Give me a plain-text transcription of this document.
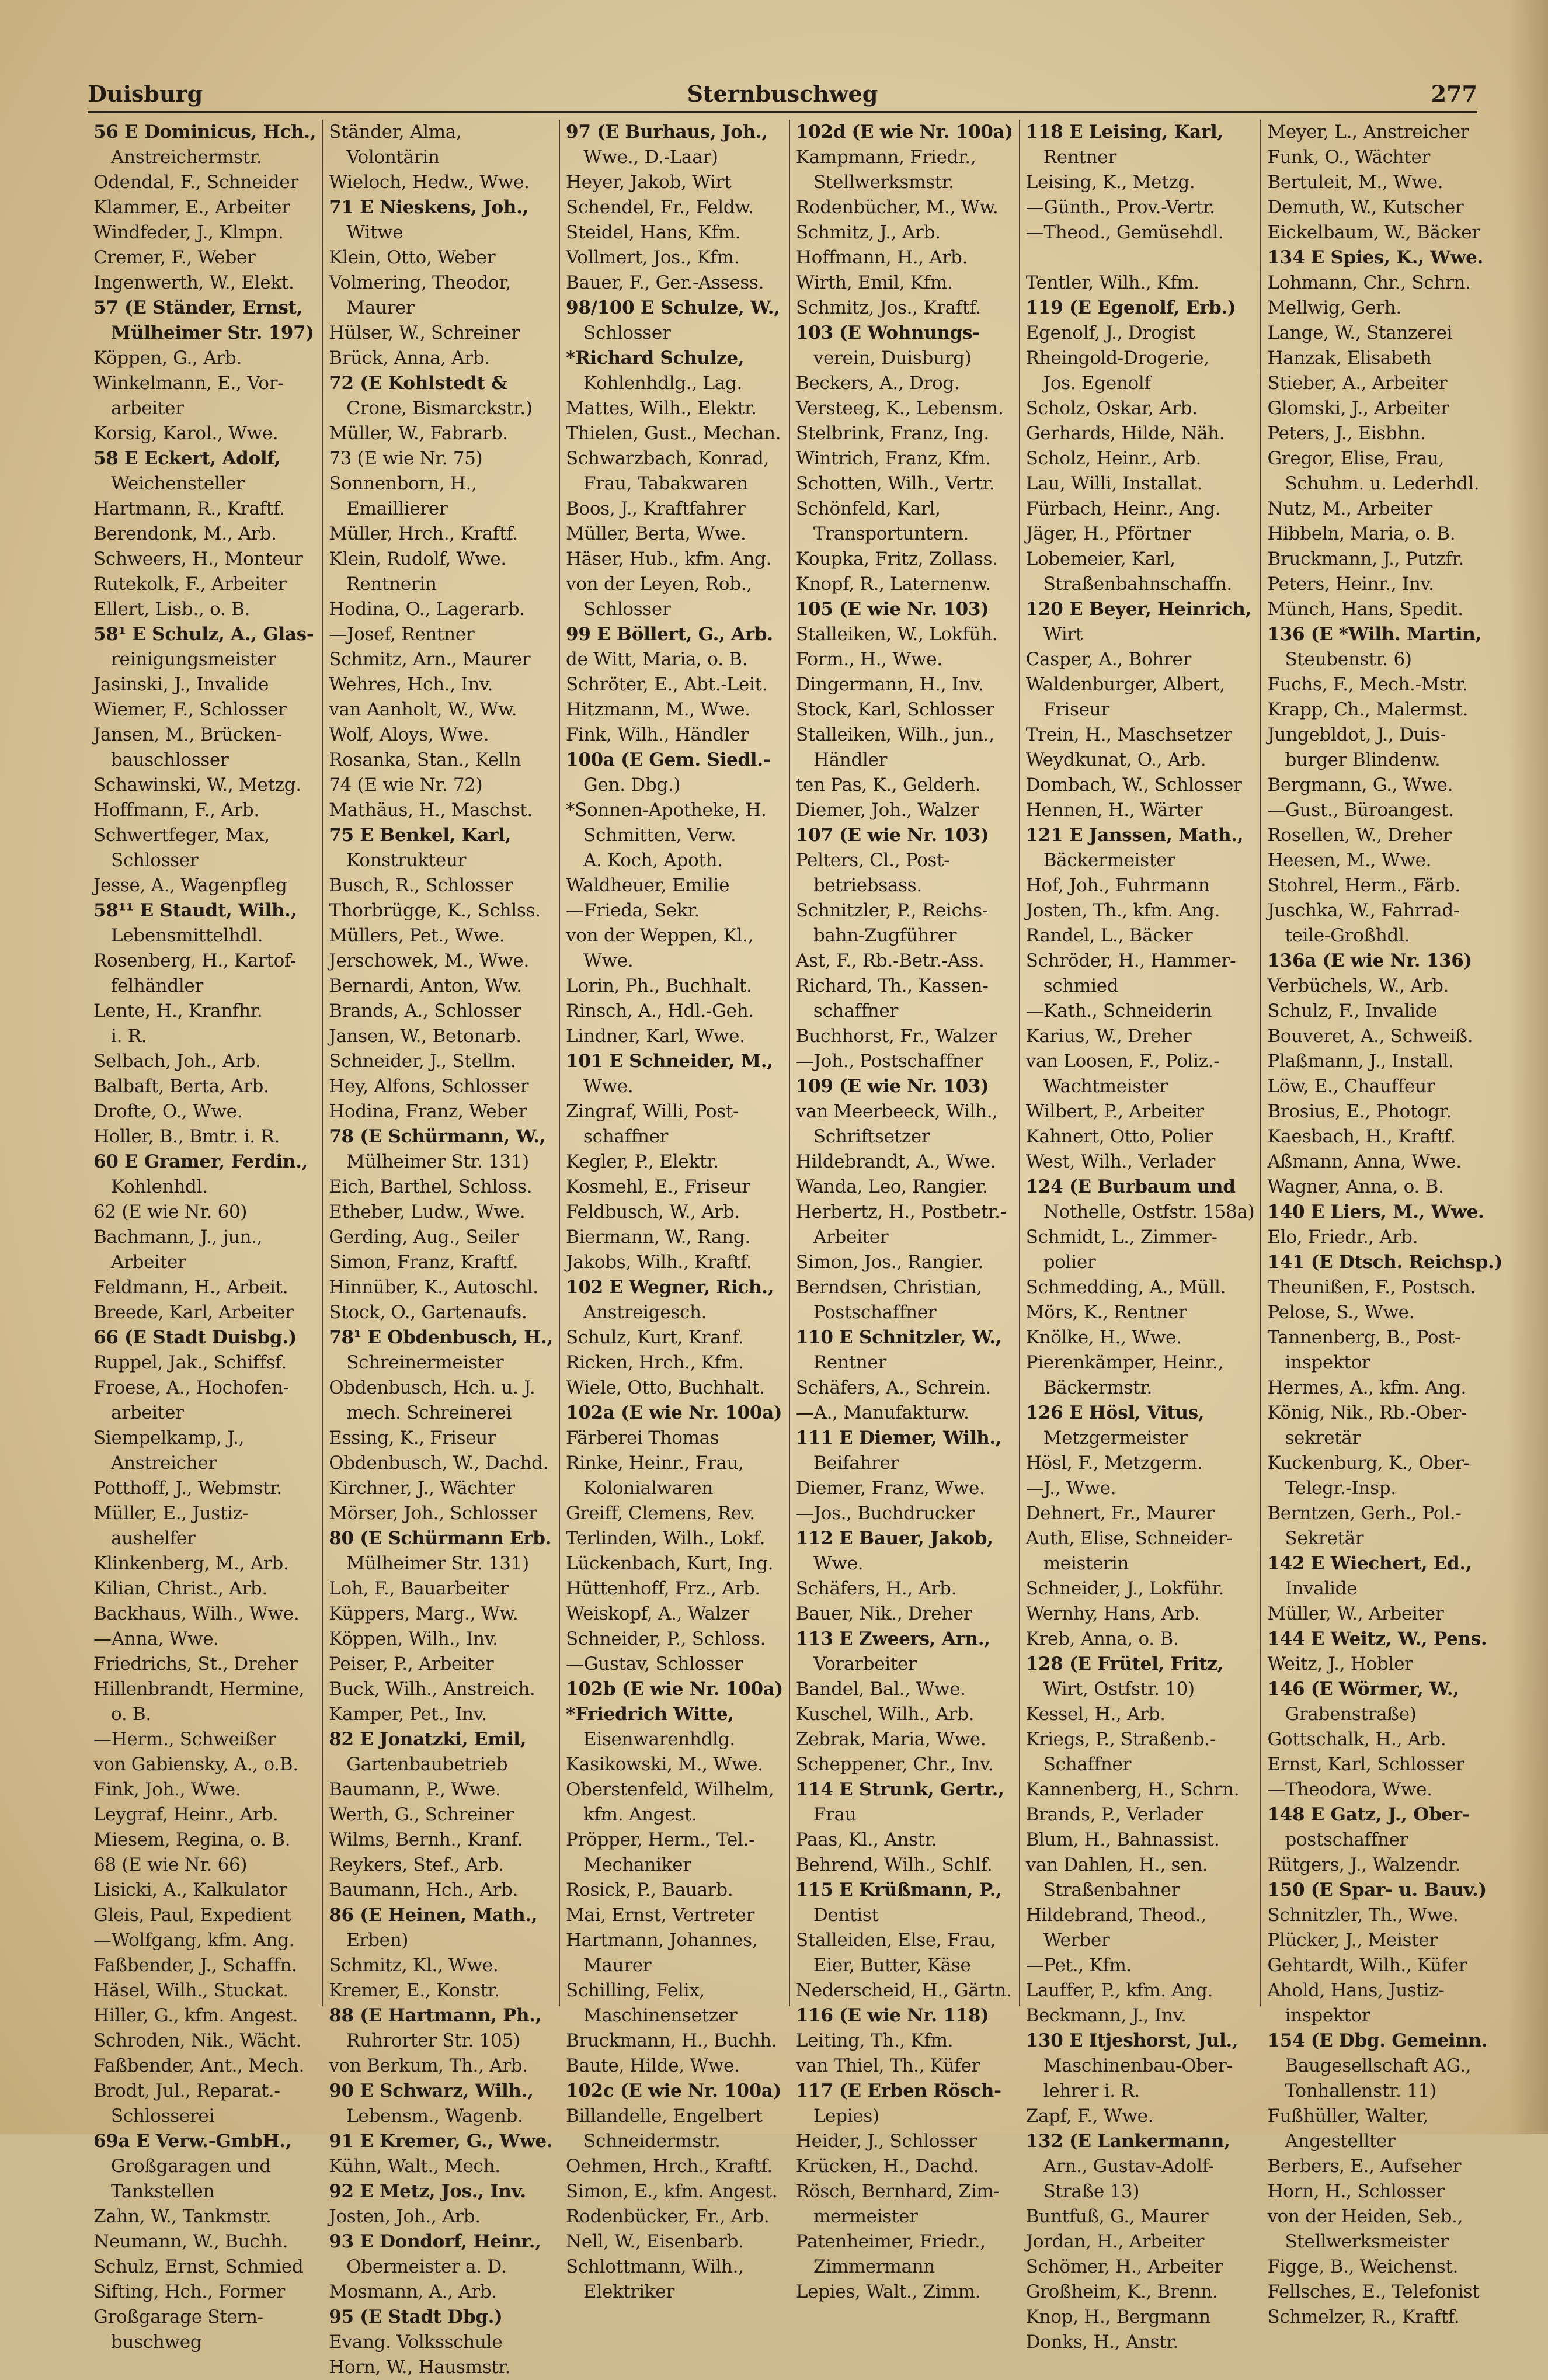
Duisburg	Sternbuschweg	277
56 E Dominicus, Hch.,
Anstreichermstr.
Odendal, F., Schneider
Klammer, E., Arbeiter
Windfeder, J., Klmpn.
Cremer, F., Weber
Ingenwerth, W., Elekt.
57 (E Ständer, Ernst,
Mülheimer Str. 197)
Köppen, G., Arb.
Winkelmann, E., Vor-
arbeiter
Korsig, Karol., Wwe.
58 E Eckert, Adolf,
Weichensteller
Hartmann, R., Kraftf.
Berendonk, M., Arb.
Schweers, H., Monteur
Rutekolk, F., Arbeiter
Ellert, Lisb., o. B.
58¹ E Schulz, A., Glas-
reinigungsmeister
Jasinski, J., Invalide
Wiemer, F., Schlosser
Jansen, M., Brücken-
bauschlosser
Schawinski, W., Metzg.
Hoffmann, F., Arb.
Schwertfeger, Max,
Schlosser
Jesse, A., Wagenpfleg
58¹¹ E Staudt, Wilh.,
Lebensmittelhdl.
Rosenberg, H., Kartof-
felhändler
Lente, H., Kranfhr.
i. R.
Selbach, Joh., Arb.
Balbaft, Berta, Arb.
Drofte, O., Wwe.
Holler, B., Bmtr. i. R.
60 E Gramer, Ferdin.,
Kohlenhdl.
62 (E wie Nr. 60)
Bachmann, J., jun.,
Arbeiter
Feldmann, H., Arbeit.
Breede, Karl, Arbeiter
66 (E Stadt Duisbg.)
Ruppel, Jak., Schiffsf.
Froese, A., Hochofen-
arbeiter
Siempelkamp, J.,
Anstreicher
Potthoff, J., Webmstr.
Müller, E., Justiz-
aushelfer
Klinkenberg, M., Arb.
Kilian, Christ., Arb.
Backhaus, Wilh., Wwe.
—Anna, Wwe.
Friedrichs, St., Dreher
Hillenbrandt, Hermine,
o. B.
—Herm., Schweißer
von Gabiensky, A., o.B.
Fink, Joh., Wwe.
Leygraf, Heinr., Arb.
Miesem, Regina, o. B.
68 (E wie Nr. 66)
Lisicki, A., Kalkulator
Gleis, Paul, Expedient
—Wolfgang, kfm. Ang.
Faßbender, J., Schaffn.
Häsel, Wilh., Stuckat.
Hiller, G., kfm. Angest.
Schroden, Nik., Wächt.
Faßbender, Ant., Mech.
Brodt, Jul., Reparat.-
Schlosserei
69a E Verw.-GmbH.,
Großgaragen und
Tankstellen
Zahn, W., Tankmstr.
Neumann, W., Buchh.
Schulz, Ernst, Schmied
Sifting, Hch., Former
Großgarage Stern-
buschweg
Ständer, Alma,
Volontärin
Wieloch, Hedw., Wwe.
71 E Nieskens, Joh.,
Witwe
Klein, Otto, Weber
Volmering, Theodor,
Maurer
Hülser, W., Schreiner
Brück, Anna, Arb.
72 (E Kohlstedt &
Crone, Bismarckstr.)
Müller, W., Fabrarb.
73 (E wie Nr. 75)
Sonnenborn, H.,
Emaillierer
Müller, Hrch., Kraftf.
Klein, Rudolf, Wwe.
Rentnerin
Hodina, O., Lagerarb.
—Josef, Rentner
Schmitz, Arn., Maurer
Wehres, Hch., Inv.
van Aanholt, W., Ww.
Wolf, Aloys, Wwe.
Rosanka, Stan., Kelln
74 (E wie Nr. 72)
Mathäus, H., Maschst.
75 E Benkel, Karl,
Konstrukteur
Busch, R., Schlosser
Thorbrügge, K., Schlss.
Müllers, Pet., Wwe.
Jerschowek, M., Wwe.
Bernardi, Anton, Ww.
Brands, A., Schlosser
Jansen, W., Betonarb.
Schneider, J., Stellm.
Hey, Alfons, Schlosser
Hodina, Franz, Weber
78 (E Schürmann, W.,
Mülheimer Str. 131)
Eich, Barthel, Schloss.
Etheber, Ludw., Wwe.
Gerding, Aug., Seiler
Simon, Franz, Kraftf.
Hinnüber, K., Autoschl.
Stock, O., Gartenaufs.
78¹ E Obdenbusch, H.,
Schreinermeister
Obdenbusch, Hch. u. J.
mech. Schreinerei
Essing, K., Friseur
Obdenbusch, W., Dachd.
Kirchner, J., Wächter
Mörser, Joh., Schlosser
80 (E Schürmann Erb.
Mülheimer Str. 131)
Loh, F., Bauarbeiter
Küppers, Marg., Ww.
Köppen, Wilh., Inv.
Peiser, P., Arbeiter
Buck, Wilh., Anstreich.
Kamper, Pet., Inv.
82 E Jonatzki, Emil,
Gartenbaubetrieb
Baumann, P., Wwe.
Werth, G., Schreiner
Wilms, Bernh., Kranf.
Reykers, Stef., Arb.
Baumann, Hch., Arb.
86 (E Heinen, Math.,
Erben)
Schmitz, Kl., Wwe.
Kremer, E., Konstr.
88 (E Hartmann, Ph.,
Ruhrorter Str. 105)
von Berkum, Th., Arb.
90 E Schwarz, Wilh.,
Lebensm., Wagenb.
91 E Kremer, G., Wwe.
Kühn, Walt., Mech.
92 E Metz, Jos., Inv.
Josten, Joh., Arb.
93 E Dondorf, Heinr.,
Obermeister a. D.
Mosmann, A., Arb.
95 (E Stadt Dbg.)
Evang. Volksschule
Horn, W., Hausmstr.
97 (E Burhaus, Joh.,
Wwe., D.-Laar)
Heyer, Jakob, Wirt
Schendel, Fr., Feldw.
Steidel, Hans, Kfm.
Vollmert, Jos., Kfm.
Bauer, F., Ger.-Assess.
98/100 E Schulze, W.,
Schlosser
*Richard Schulze,
Kohlenhdlg., Lag.
Mattes, Wilh., Elektr.
Thielen, Gust., Mechan.
Schwarzbach, Konrad,
Frau, Tabakwaren
Boos, J., Kraftfahrer
Müller, Berta, Wwe.
Häser, Hub., kfm. Ang.
von der Leyen, Rob.,
Schlosser
99 E Böllert, G., Arb.
de Witt, Maria, o. B.
Schröter, E., Abt.-Leit.
Hitzmann, M., Wwe.
Fink, Wilh., Händler
100a (E Gem. Siedl.-
Gen. Dbg.)
*Sonnen-Apotheke, H.
Schmitten, Verw.
A. Koch, Apoth.
Waldheuer, Emilie
—Frieda, Sekr.
von der Weppen, Kl.,
Wwe.
Lorin, Ph., Buchhalt.
Rinsch, A., Hdl.-Geh.
Lindner, Karl, Wwe.
101 E Schneider, M.,
Wwe.
Zingraf, Willi, Post-
schaffner
Kegler, P., Elektr.
Kosmehl, E., Friseur
Feldbusch, W., Arb.
Biermann, W., Rang.
Jakobs, Wilh., Kraftf.
102 E Wegner, Rich.,
Anstreigesch.
Schulz, Kurt, Kranf.
Ricken, Hrch., Kfm.
Wiele, Otto, Buchhalt.
102a (E wie Nr. 100a)
Färberei Thomas
Rinke, Heinr., Frau,
Kolonialwaren
Greiff, Clemens, Rev.
Terlinden, Wilh., Lokf.
Lückenbach, Kurt, Ing.
Hüttenhoff, Frz., Arb.
Weiskopf, A., Walzer
Schneider, P., Schloss.
—Gustav, Schlosser
102b (E wie Nr. 100a)
*Friedrich Witte,
Eisenwarenhdlg.
Kasikowski, M., Wwe.
Oberstenfeld, Wilhelm,
kfm. Angest.
Pröpper, Herm., Tel.-
Mechaniker
Rosick, P., Bauarb.
Mai, Ernst, Vertreter
Hartmann, Johannes,
Maurer
Schilling, Felix,
Maschinensetzer
Bruckmann, H., Buchh.
Baute, Hilde, Wwe.
102c (E wie Nr. 100a)
Billandelle, Engelbert
Schneidermstr.
Oehmen, Hrch., Kraftf.
Simon, E., kfm. Angest.
Rodenbücker, Fr., Arb.
Nell, W., Eisenbarb.
Schlottmann, Wilh.,
Elektriker
102d (E wie Nr. 100a)
Kampmann, Friedr.,
Stellwerksmstr.
Rodenbücher, M., Ww.
Schmitz, J., Arb.
Hoffmann, H., Arb.
Wirth, Emil, Kfm.
Schmitz, Jos., Kraftf.
103 (E Wohnungs-
verein, Duisburg)
Beckers, A., Drog.
Versteeg, K., Lebensm.
Stelbrink, Franz, Ing.
Wintrich, Franz, Kfm.
Schotten, Wilh., Vertr.
Schönfeld, Karl,
Transportuntern.
Koupka, Fritz, Zollass.
Knopf, R., Laternenw.
105 (E wie Nr. 103)
Stalleiken, W., Lokfüh.
Form., H., Wwe.
Dingermann, H., Inv.
Stock, Karl, Schlosser
Stalleiken, Wilh., jun.,
Händler
ten Pas, K., Gelderh.
Diemer, Joh., Walzer
107 (E wie Nr. 103)
Pelters, Cl., Post-
betriebsass.
Schnitzler, P., Reichs-
bahn-Zugführer
Ast, F., Rb.-Betr.-Ass.
Richard, Th., Kassen-
schaffner
Buchhorst, Fr., Walzer
—Joh., Postschaffner
109 (E wie Nr. 103)
van Meerbeeck, Wilh.,
Schriftsetzer
Hildebrandt, A., Wwe.
Wanda, Leo, Rangier.
Herbertz, H., Postbetr.-
Arbeiter
Simon, Jos., Rangier.
Berndsen, Christian,
Postschaffner
110 E Schnitzler, W.,
Rentner
Schäfers, A., Schrein.
—A., Manufakturw.
111 E Diemer, Wilh.,
Beifahrer
Diemer, Franz, Wwe.
—Jos., Buchdrucker
112 E Bauer, Jakob,
Wwe.
Schäfers, H., Arb.
Bauer, Nik., Dreher
113 E Zweers, Arn.,
Vorarbeiter
Bandel, Bal., Wwe.
Kuschel, Wilh., Arb.
Zebrak, Maria, Wwe.
Scheppener, Chr., Inv.
114 E Strunk, Gertr.,
Frau
Paas, Kl., Anstr.
Behrend, Wilh., Schlf.
115 E Krüßmann, P.,
Dentist
Stalleiden, Else, Frau,
Eier, Butter, Käse
Nederscheid, H., Gärtn.
116 (E wie Nr. 118)
Leiting, Th., Kfm.
van Thiel, Th., Küfer
117 (E Erben Rösch-
Lepies)
Heider, J., Schlosser
Krücken, H., Dachd.
Rösch, Bernhard, Zim-
mermeister
Patenheimer, Friedr.,
Zimmermann
Lepies, Walt., Zimm.
118 E Leising, Karl,
Rentner
Leising, K., Metzg.
—Günth., Prov.-Vertr.
—Theod., Gemüsehdl.

Tentler, Wilh., Kfm.
119 (E Egenolf, Erb.)
Egenolf, J., Drogist
Rheingold-Drogerie,
Jos. Egenolf
Scholz, Oskar, Arb.
Gerhards, Hilde, Näh.
Scholz, Heinr., Arb.
Lau, Willi, Installat.
Fürbach, Heinr., Ang.
Jäger, H., Pförtner
Lobemeier, Karl,
Straßenbahnschaffn.
120 E Beyer, Heinrich,
Wirt
Casper, A., Bohrer
Waldenburger, Albert,
Friseur
Trein, H., Maschsetzer
Weydkunat, O., Arb.
Dombach, W., Schlosser
Hennen, H., Wärter
121 E Janssen, Math.,
Bäckermeister
Hof, Joh., Fuhrmann
Josten, Th., kfm. Ang.
Randel, L., Bäcker
Schröder, H., Hammer-
schmied
—Kath., Schneiderin
Karius, W., Dreher
van Loosen, F., Poliz.-
Wachtmeister
Wilbert, P., Arbeiter
Kahnert, Otto, Polier
West, Wilh., Verlader
124 (E Burbaum und
Nothelle, Ostfstr. 158a)
Schmidt, L., Zimmer-
polier
Schmedding, A., Müll.
Mörs, K., Rentner
Knölke, H., Wwe.
Pierenkämper, Heinr.,
Bäckermstr.
126 E Hösl, Vitus,
Metzgermeister
Hösl, F., Metzgerm.
—J., Wwe.
Dehnert, Fr., Maurer
Auth, Elise, Schneider-
meisterin
Schneider, J., Lokführ.
Wernhy, Hans, Arb.
Kreb, Anna, o. B.
128 (E Frütel, Fritz,
Wirt, Ostfstr. 10)
Kessel, H., Arb.
Kriegs, P., Straßenb.-
Schaffner
Kannenberg, H., Schrn.
Brands, P., Verlader
Blum, H., Bahnassist.
van Dahlen, H., sen.
Straßenbahner
Hildebrand, Theod.,
Werber
—Pet., Kfm.
Lauffer, P., kfm. Ang.
Beckmann, J., Inv.
130 E Itjeshorst, Jul.,
Maschinenbau-Ober-
lehrer i. R.
Zapf, F., Wwe.
132 (E Lankermann,
Arn., Gustav-Adolf-
Straße 13)
Buntfuß, G., Maurer
Jordan, H., Arbeiter
Schömer, H., Arbeiter
Großheim, K., Brenn.
Knop, H., Bergmann
Donks, H., Anstr.
Meyer, L., Anstreicher
Funk, O., Wächter
Bertuleit, M., Wwe.
Demuth, W., Kutscher
Eickelbaum, W., Bäcker
134 E Spies, K., Wwe.
Lohmann, Chr., Schrn.
Mellwig, Gerh.
Lange, W., Stanzerei
Hanzak, Elisabeth
Stieber, A., Arbeiter
Glomski, J., Arbeiter
Peters, J., Eisbhn.
Gregor, Elise, Frau,
Schuhm. u. Lederhdl.
Nutz, M., Arbeiter
Hibbeln, Maria, o. B.
Bruckmann, J., Putzfr.
Peters, Heinr., Inv.
Münch, Hans, Spedit.
136 (E *Wilh. Martin,
Steubenstr. 6)
Fuchs, F., Mech.-Mstr.
Krapp, Ch., Malermst.
Jungebldot, J., Duis-
burger Blindenw.
Bergmann, G., Wwe.
—Gust., Büroangest.
Rosellen, W., Dreher
Heesen, M., Wwe.
Stohrel, Herm., Färb.
Juschka, W., Fahrrad-
teile-Großhdl.
136a (E wie Nr. 136)
Verbüchels, W., Arb.
Schulz, F., Invalide
Bouveret, A., Schweiß.
Plaßmann, J., Install.
Löw, E., Chauffeur
Brosius, E., Photogr.
Kaesbach, H., Kraftf.
Aßmann, Anna, Wwe.
Wagner, Anna, o. B.
140 E Liers, M., Wwe.
Elo, Friedr., Arb.
141 (E Dtsch. Reichsp.)
Theunißen, F., Postsch.
Pelose, S., Wwe.
Tannenberg, B., Post-
inspektor
Hermes, A., kfm. Ang.
König, Nik., Rb.-Ober-
sekretär
Kuckenburg, K., Ober-
Telegr.-Insp.
Berntzen, Gerh., Pol.-
Sekretär
142 E Wiechert, Ed.,
Invalide
Müller, W., Arbeiter
144 E Weitz, W., Pens.
Weitz, J., Hobler
146 (E Wörmer, W.,
Grabenstraße)
Gottschalk, H., Arb.
Ernst, Karl, Schlosser
—Theodora, Wwe.
148 E Gatz, J., Ober-
postschaffner
Rütgers, J., Walzendr.
150 (E Spar- u. Bauv.)
Schnitzler, Th., Wwe.
Plücker, J., Meister
Gehtardt, Wilh., Küfer
Ahold, Hans, Justiz-
inspektor
154 (E Dbg. Gemeinn.
Baugesellschaft AG.,
Tonhallenstr. 11)
Fußhüller, Walter,
Angestellter
Berbers, E., Aufseher
Horn, H., Schlosser
von der Heiden, Seb.,
Stellwerksmeister
Figge, B., Weichenst.
Fellsches, E., Telefonist
Schmelzer, R., Kraftf.
